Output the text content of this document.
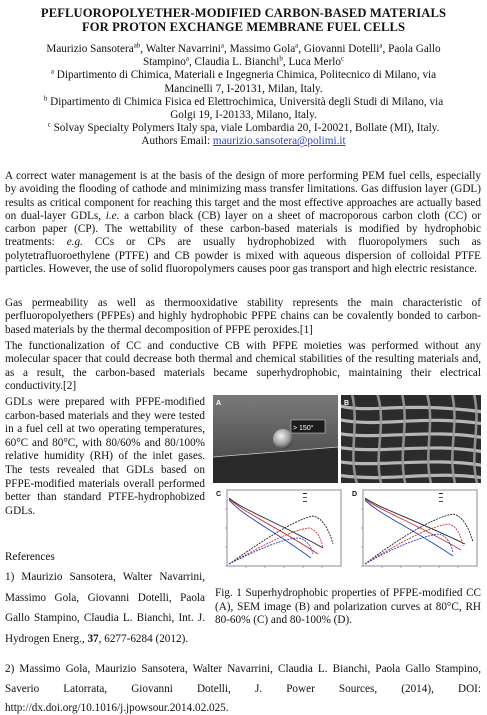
PEFLUOROPOLYETHER-MODIFIED CARBON-BASED MATERIALS
FOR PROTON EXCHANGE MEMBRANE FUEL CELLS
Maurizio Sansotera$^{ab}$, Walter Navarrini$^a$, Massimo Gola$^a$, Giovanni Dotelli$^a$, Paola Gallo
Stampino$^a$, Claudia L. Bianchi$^b$, Luca Merlo$^c$
$^a$ Dipartimento di Chimica, Materiali e Ingegneria Chimica, Politecnico di Milano, via
Mancinelli 7, I-20131, Milan, Italy.
$^b$ Dipartimento di Chimica Fisica ed Elettrochimica, Università degli Studi di Milano, via
Golgi 19, I-20133, Milano, Italy.
$^c$ Solvay Specialty Polymers Italy spa, viale Lombardia 20, I-20021, Bollate (MI), Italy.
Authors Email: maurizio.sansotera@polimi.it
A correct water management is at the basis of the design of more performing PEM fuel cells, especially by avoiding the flooding of cathode and minimizing mass transfer limitations. Gas diffusion layer (GDL) results as critical component for reaching this target and the most effective approaches are actually based on dual-layer GDLs, i.e. a carbon black (CB) layer on a sheet of macroporous carbon cloth (CC) or carbon paper (CP). The wettability of these carbon-based materials is modified by hydrophobic treatments: e.g. CCs or CPs are usually hydrophobized with fluoropolymers such as polytetrafluoroethylene (PTFE) and CB powder is mixed with aqueous dispersion of colloidal PTFE particles. However, the use of solid fluoropolymers causes poor gas transport and high electric resistance.
Gas permeability as well as thermooxidative stability represents the main characteristic of perfluoropolyethers (PFPEs) and highly hydrophobic PFPE chains can be covalently bonded to carbon-based materials by the thermal decomposition of PFPE peroxides.[1]
The functionalization of CC and conductive CB with PFPE moieties was performed without any molecular spacer that could decrease both thermal and chemical stabilities of the resulting materials and, as a result, the carbon-based materials became superhydrophobic, maintaining their electrical conductivity.[2]
GDLs were prepared with PFPE-modified carbon-based materials and they were tested in a fuel cell at two operating temperatures, 60°C and 80°C, with 80/60% and 80/100% relative humidity (RH) of the inlet gases. The tests revealed that GDLs based on PFPE-modified materials overall performed better than standard PTFE-hydrophobized GDLs.
A
> 150°
B
C	D
Fig. 1 Superhydrophobic properties of PFPE-modified CC (A), SEM image (B) and polarization curves at 80°C, RH 80-60% (C) and 80-100% (D).
References
1) Maurizio Sansotera, Walter Navarrini, Massimo Gola, Giovanni Dotelli, Paola Gallo Stampino, Claudia L. Bianchi, Int. J. Hydrogen Energ., 37, 6277-6284 (2012).
2) Massimo Gola, Maurizio Sansotera, Walter Navarrini, Claudia L. Bianchi, Paola Gallo Stampino, Saverio Latorrata, Giovanni Dotelli, J. Power Sources, (2014), DOI: http://dx.doi.org/10.1016/j.jpowsour.2014.02.025.
